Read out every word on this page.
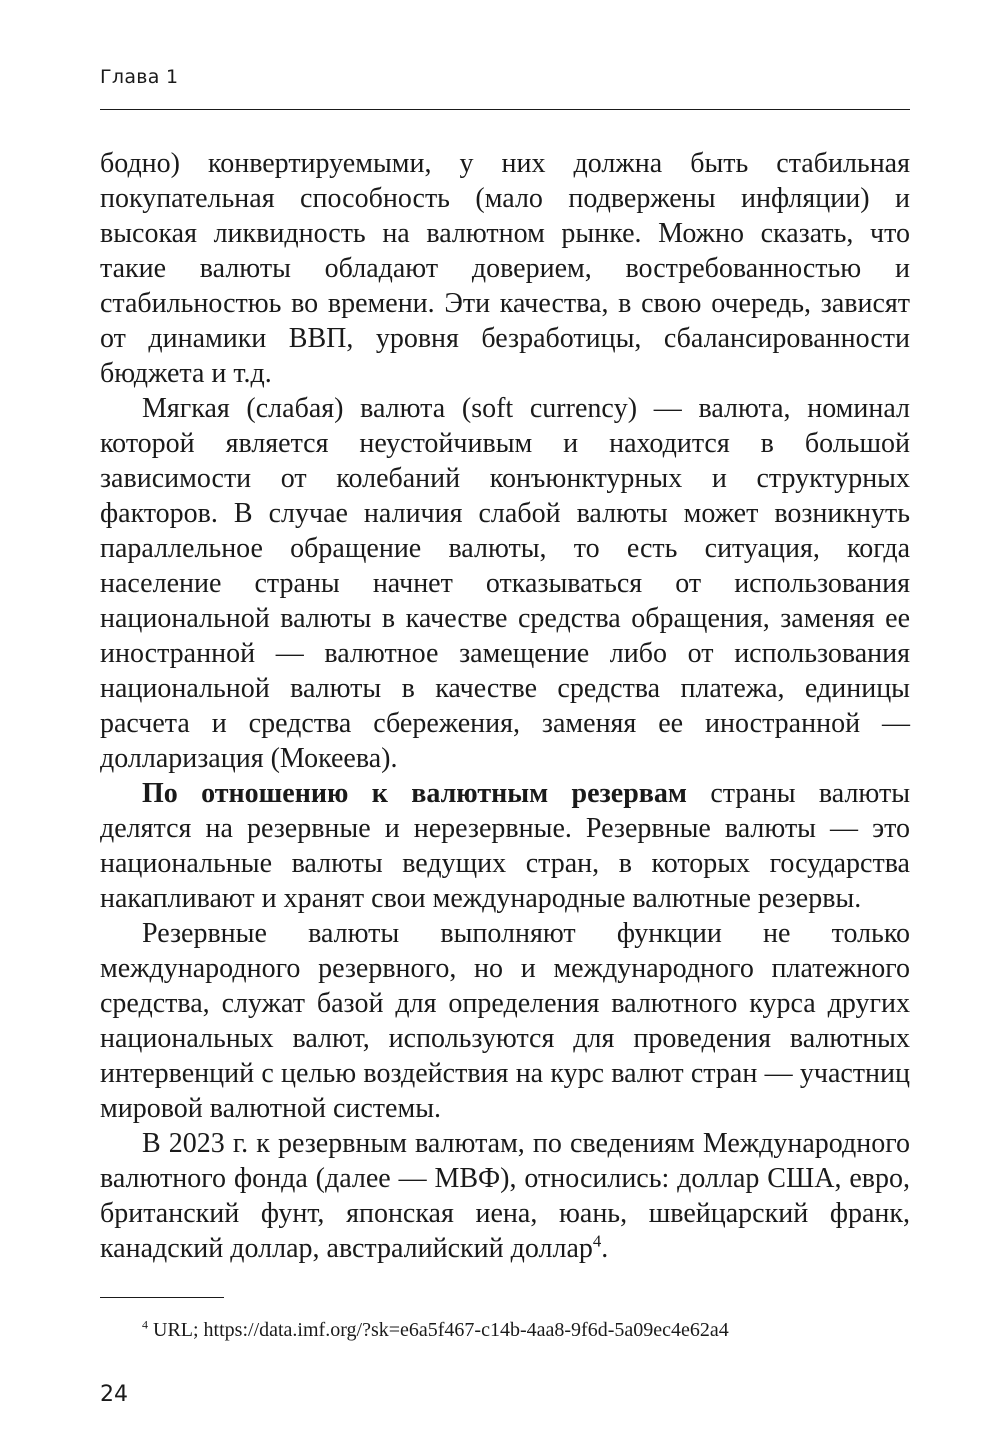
Глава 1

бодно) конвертируемыми, у них должна быть стабильная покупательная способность (мало подвержены инфляции) и высокая ликвидность на валютном рынке. Можно сказать, что такие валюты обладают доверием, востребованностью и стабильностюь во времени. Эти качества, в свою очередь, зависят от динамики ВВП, уровня безработицы, сбалансированности бюджета и т.д.

Мягкая (слабая) валюта (soft currency) — валюта, номинал которой является неустойчивым и находится в большой зависимости от колебаний конъюнктурных и структурных факторов. В случае наличия слабой валюты может возникнуть параллельное обращение валюты, то есть ситуация, когда население страны начнет отказываться от использования национальной валюты в качестве средства обращения, заменяя ее иностранной — валютное замещение либо от использования национальной валюты в качестве средства платежа, единицы расчета и средства сбережения, заменяя ее иностранной — долларизация (Мокеева).

По отношению к валютным резервам страны валюты делятся на резервные и нерезервные. Резервные валюты — это национальные валюты ведущих стран, в которых государства накапливают и хранят свои международные валютные резервы.

Резервные валюты выполняют функции не только международного резервного, но и международного платежного средства, служат базой для определения валютного курса других национальных валют, используются для проведения валютных интервенций с целью воздействия на курс валют стран — участниц мировой валютной системы.

В 2023 г. к резервным валютам, по сведениям Международного валютного фонда (далее — МВФ), относились: доллар США, евро, британский фунт, японская иена, юань, швейцарский франк, канадский доллар, австралийский доллар$^4$.

$^4$ URL; https://data.imf.org/?sk=e6a5f467-c14b-4aa8-9f6d-5a09ec4e62a4
24
